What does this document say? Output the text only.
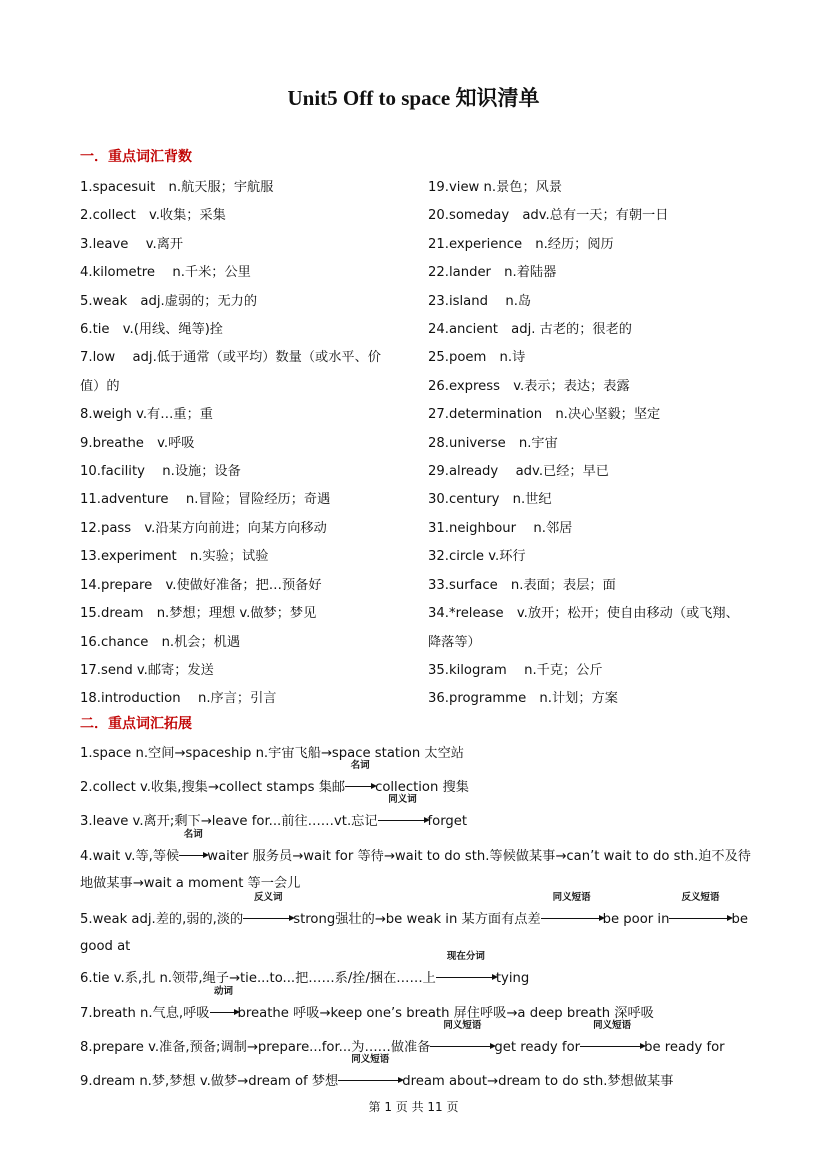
Unit5 Off to space 知识清单
一．重点词汇背数
1.spacesuit　n.航天服；宇航服
2.collect　v.收集；采集
3.leave　 v.离开
4.kilometre　 n.千米；公里
5.weak　adj.虚弱的；无力的
6.tie　v.(用线、绳等)拴
7.low　 adj.低于通常（或平均）数量（或水平、价
值）的
8.weigh v.有…重；重
9.breathe　v.呼吸
10.facility　 n.设施；设备
11.adventure　 n.冒险；冒险经历；奇遇
12.pass　v.沿某方向前进；向某方向移动
13.experiment　n.实验；试验
14.prepare　v.使做好准备；把…预备好
15.dream　n.梦想；理想 v.做梦；梦见
16.chance　n.机会；机遇
17.send v.邮寄；发送
18.introduction　 n.序言；引言
19.view n.景色；风景
20.someday　adv.总有一天；有朝一日
21.experience　n.经历；阅历
22.lander　n.着陆器
23.island　 n.岛
24.ancient　adj. 古老的；很老的
25.poem　n.诗
26.express　v.表示；表达；表露
27.determination　n.决心坚毅；坚定
28.universe　n.宇宙
29.already　 adv.已经；早已
30.century　n.世纪
31.neighbour　 n.邻居
32.circle v.环行
33.surface　n.表面；表层；面
34.*release　v.放开；松开；使自由移动（或飞翔、
降落等）
35.kilogram　 n.千克；公斤
36.programme　n.计划；方案
二．重点词汇拓展
1.space n.空间→spaceship n.宇宙飞船→space station 太空站
2.collect v.收集,搜集→collect stamps 集邮
名词
collection 搜集
3.leave v.离开;剩下→leave for...前往……vt.忘记
同义词
forget
4.wait v.等,等候
名词
waiter 服务员→wait for 等待→wait to do sth.等候做某事→can’t wait to do sth.迫不及待
地做某事→wait a moment 等一会儿
5.weak adj.差的,弱的,淡的
反义词
strong强壮的→be weak in 某方面有点差
同义短语
be poor in
反义短语
be
good at
6.tie v.系,扎 n.领带,绳子→tie...to...把……系/拴/捆在……上
现在分词
tying
7.breath n.气息,呼吸
动词
breathe 呼吸→keep one’s breath 屏住呼吸→a deep breath 深呼吸
8.prepare v.准备,预备;调制→prepare...for...为……做准备
同义短语
get ready for
同义短语
be ready for
9.dream n.梦,梦想 v.做梦→dream of 梦想
同义短语
dream about→dream to do sth.梦想做某事
第 1 页 共 11 页
